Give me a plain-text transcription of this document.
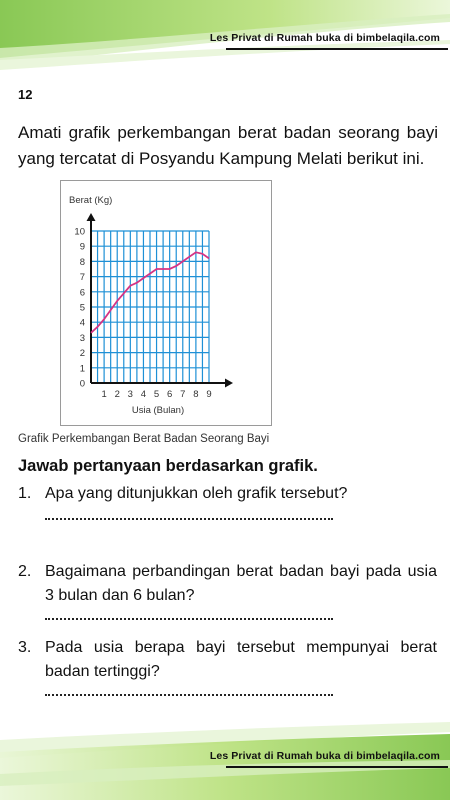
Les Privat di Rumah buka di bimbelaqila.com
12
Amati grafik perkembangan berat badan seorang bayi yang tercatat di Posyandu Kampung Melati berikut ini.
0
1
2
3
4
5
6
7
8
9
10
1 2 3 4 5 6 7 8 9
Berat (Kg)
Usia (Bulan)
Grafik Perkembangan Berat Badan Seorang Bayi
Jawab pertanyaan berdasarkan grafik.
1. Apa yang ditunjukkan oleh grafik tersebut?
2. Bagaimana perbandingan berat badan bayi pada usia 3 bulan dan 6 bulan?
3. Pada usia berapa bayi tersebut mempunyai berat badan tertinggi?
Les Privat di Rumah buka di bimbelaqila.com
